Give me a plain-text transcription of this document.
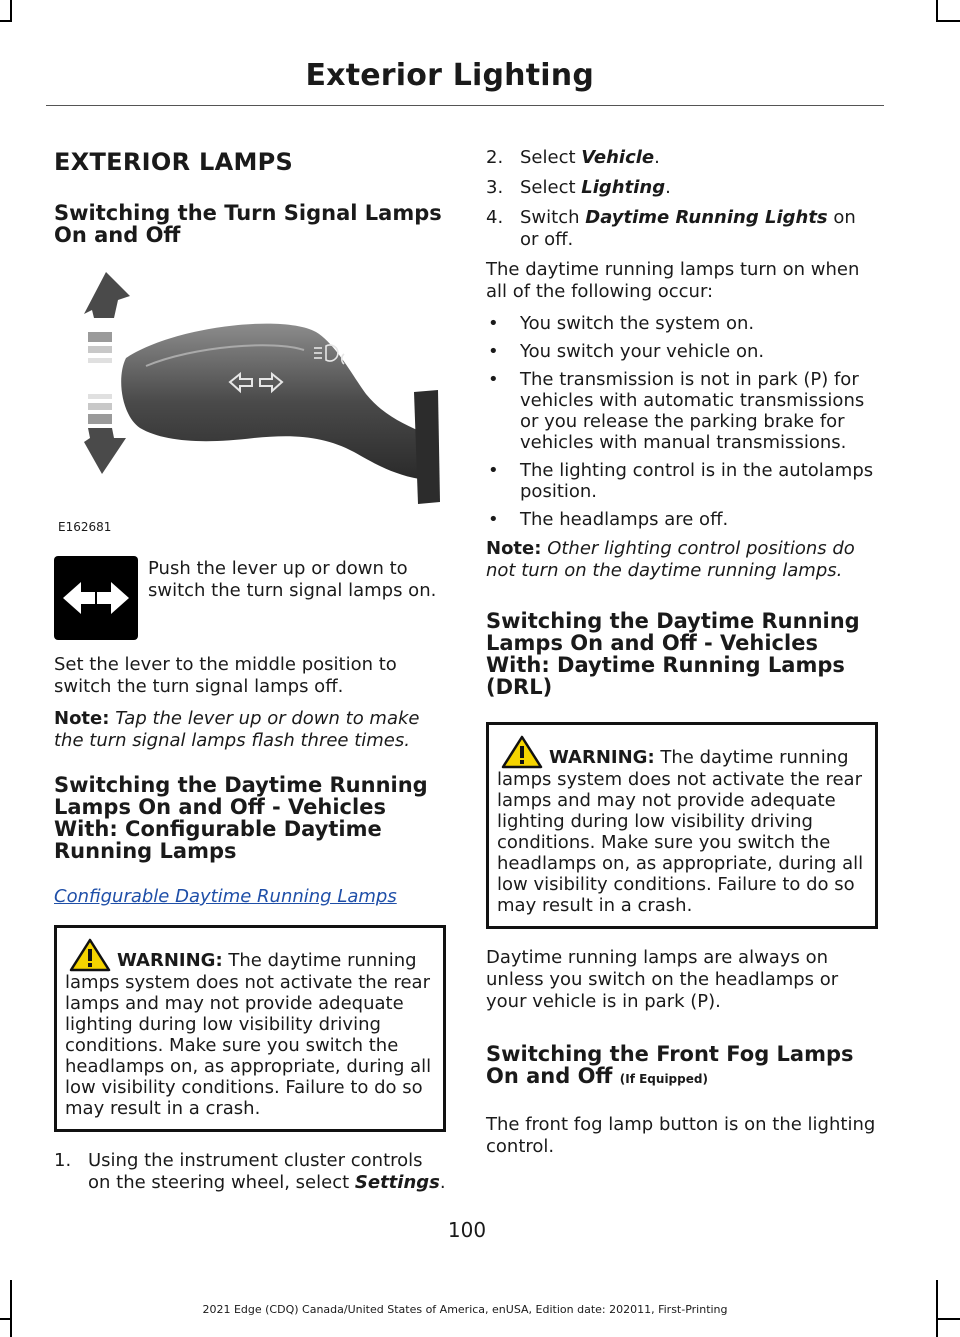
Exterior Lighting
EXTERIOR LAMPS
Switching the Turn Signal Lamps On and Off
E162681

Push the lever up or down to switch the turn signal lamps on.

Set the lever to the middle position to switch the turn signal lamps off.

Note: Tap the lever up or down to make the turn signal lamps flash three times.

Switching the Daytime Running Lamps On and Off - Vehicles With: Configurable Daytime Running Lamps
Configurable Daytime Running Lamps

WARNING: The daytime running lamps system does not activate the rear lamps and may not provide adequate lighting during low visibility driving conditions. Make sure you switch the headlamps on, as appropriate, during all low visibility conditions. Failure to do so may result in a crash.

1. Using the instrument cluster controls on the steering wheel, select Settings.
2. Select Vehicle.
3. Select Lighting.
4. Switch Daytime Running Lights on or off.

The daytime running lamps turn on when all of the following occur:

•	You switch the system on.
•	You switch your vehicle on.
•	The transmission is not in park (P) for vehicles with automatic transmissions or you release the parking brake for vehicles with manual transmissions.
•	The lighting control is in the autolamps position.
•	The headlamps are off.

Note: Other lighting control positions do not turn on the daytime running lamps.

Switching the Daytime Running Lamps On and Off - Vehicles With: Daytime Running Lamps (DRL)

WARNING: The daytime running lamps system does not activate the rear lamps and may not provide adequate lighting during low visibility driving conditions. Make sure you switch the headlamps on, as appropriate, during all low visibility conditions. Failure to do so may result in a crash.

Daytime running lamps are always on unless you switch on the headlamps or your vehicle is in park (P).

Switching the Front Fog Lamps On and Off (If Equipped)

The front fog lamp button is on the lighting control.

100
2021 Edge (CDQ) Canada/United States of America, enUSA, Edition date: 202011, First-Printing
